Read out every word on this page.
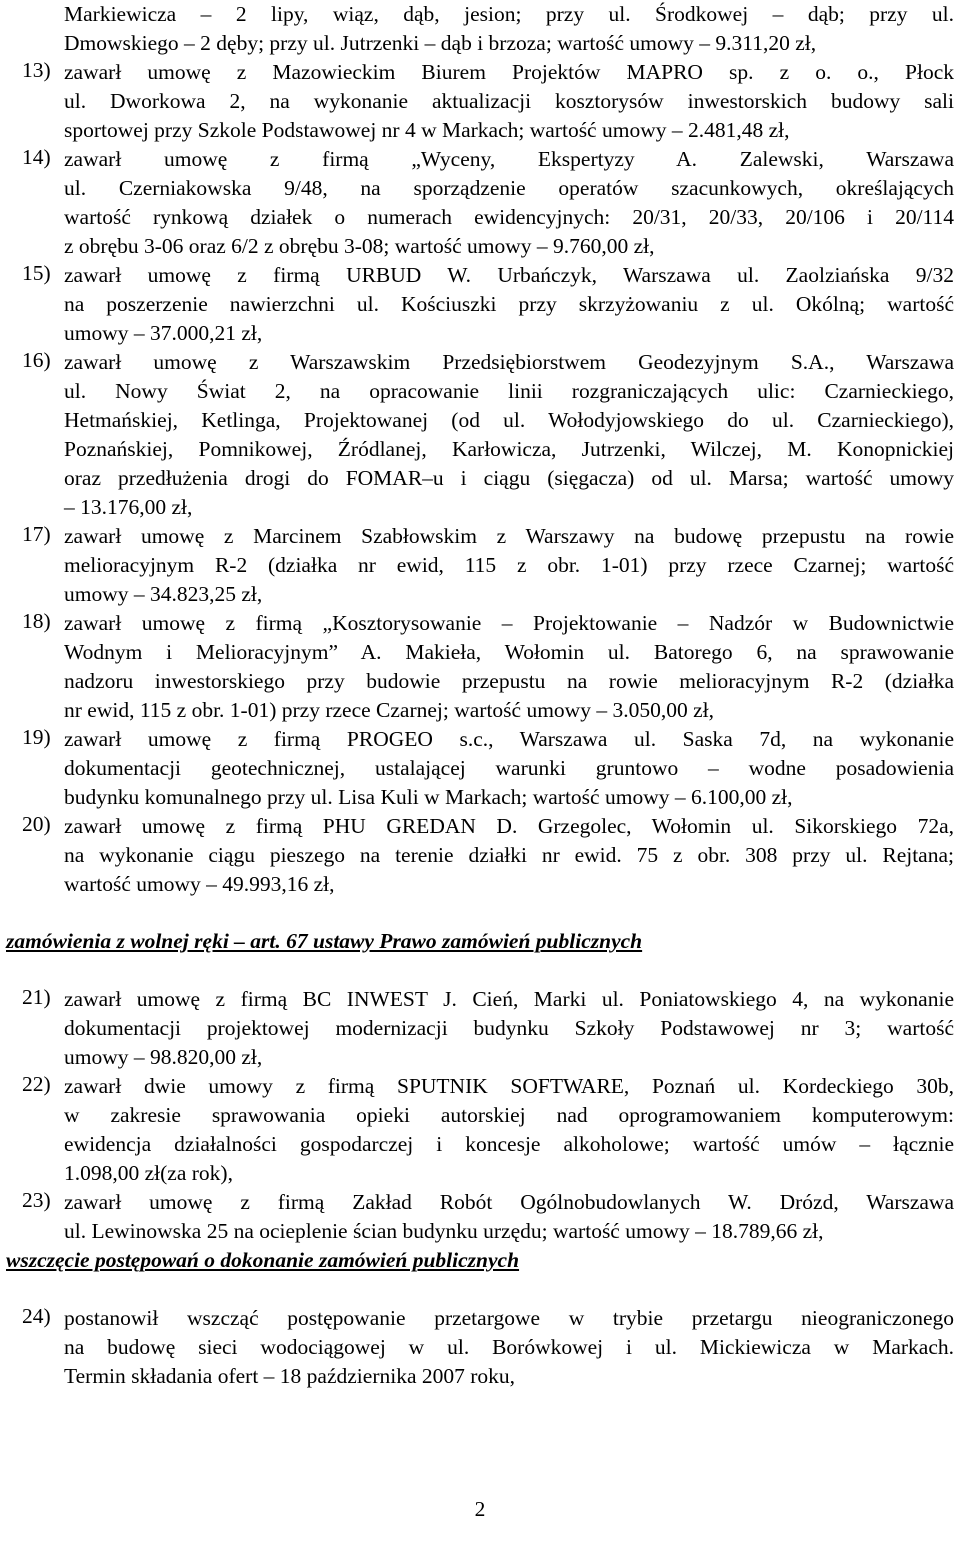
Markiewicza – 2 lipy, wiąz, dąb, jesion; przy ul. Środkowej – dąb; przy ul.
Dmowskiego – 2 dęby; przy ul. Jutrzenki – dąb i brzoza; wartość umowy – 9.311,20 zł,
13) zawarł umowę z Mazowieckim Biurem Projektów MAPRO sp. z o. o., Płock
ul. Dworkowa 2, na wykonanie aktualizacji kosztorysów inwestorskich budowy sali
sportowej przy Szkole Podstawowej nr 4 w Markach; wartość umowy – 2.481,48 zł,
14) zawarł umowę z firmą „Wyceny, Ekspertyzy A. Zalewski, Warszawa
ul. Czerniakowska 9/48, na sporządzenie operatów szacunkowych, określających
wartość rynkową działek o numerach ewidencyjnych: 20/31, 20/33, 20/106 i 20/114
z obrębu 3-06 oraz 6/2 z obrębu 3-08; wartość umowy – 9.760,00 zł,
15) zawarł umowę z firmą URBUD W. Urbańczyk, Warszawa ul. Zaolziańska 9/32
na poszerzenie nawierzchni ul. Kościuszki przy skrzyżowaniu z ul. Okólną; wartość
umowy – 37.000,21 zł,
16) zawarł umowę z Warszawskim Przedsiębiorstwem Geodezyjnym S.A., Warszawa
ul. Nowy Świat 2, na opracowanie linii rozgraniczających ulic: Czarnieckiego,
Hetmańskiej, Ketlinga, Projektowanej (od ul. Wołodyjowskiego do ul. Czarnieckiego),
Poznańskiej, Pomnikowej, Źródlanej, Karłowicza, Jutrzenki, Wilczej, M. Konopnickiej
oraz przedłużenia drogi do FOMAR–u i ciągu (sięgacza) od ul. Marsa; wartość umowy
– 13.176,00 zł,
17) zawarł umowę z Marcinem Szabłowskim z Warszawy na budowę przepustu na rowie
melioracyjnym R-2 (działka nr ewid, 115 z obr. 1-01) przy rzece Czarnej; wartość
umowy – 34.823,25 zł,
18) zawarł umowę z firmą „Kosztorysowanie – Projektowanie – Nadzór w Budownictwie
Wodnym i Melioracyjnym” A. Makieła, Wołomin ul. Batorego 6, na sprawowanie
nadzoru inwestorskiego przy budowie przepustu na rowie melioracyjnym R-2 (działka
nr ewid, 115 z obr. 1-01) przy rzece Czarnej; wartość umowy – 3.050,00 zł,
19) zawarł umowę z firmą PROGEO s.c., Warszawa ul. Saska 7d, na wykonanie
dokumentacji geotechnicznej, ustalającej warunki gruntowo – wodne posadowienia
budynku komunalnego przy ul. Lisa Kuli w Markach; wartość umowy – 6.100,00 zł,
20) zawarł umowę z firmą PHU GREDAN D. Grzegolec, Wołomin ul. Sikorskiego 72a,
na wykonanie ciągu pieszego na terenie działki nr ewid. 75 z obr. 308 przy ul. Rejtana;
wartość umowy – 49.993,16 zł,
zamówienia z wolnej ręki – art. 67 ustawy Prawo zamówień publicznych
21) zawarł umowę z firmą BC INWEST J. Cień, Marki ul. Poniatowskiego 4, na wykonanie
dokumentacji projektowej modernizacji budynku Szkoły Podstawowej nr 3; wartość
umowy – 98.820,00 zł,
22) zawarł dwie umowy z firmą SPUTNIK SOFTWARE, Poznań ul. Kordeckiego 30b,
w zakresie sprawowania opieki autorskiej nad oprogramowaniem komputerowym:
ewidencja działalności gospodarczej i koncesje alkoholowe; wartość umów – łącznie
1.098,00 zł(za rok),
23) zawarł umowę z firmą Zakład Robót Ogólnobudowlanych W. Drózd, Warszawa
ul. Lewinowska 25 na ocieplenie ścian budynku urzędu; wartość umowy – 18.789,66 zł,
wszczęcie postępowań o dokonanie zamówień publicznych
24) postanowił wszcząć postępowanie przetargowe w trybie przetargu nieograniczonego
na budowę sieci wodociągowej w ul. Borówkowej i ul. Mickiewicza w Markach.
Termin składania ofert – 18 października 2007 roku,
2
